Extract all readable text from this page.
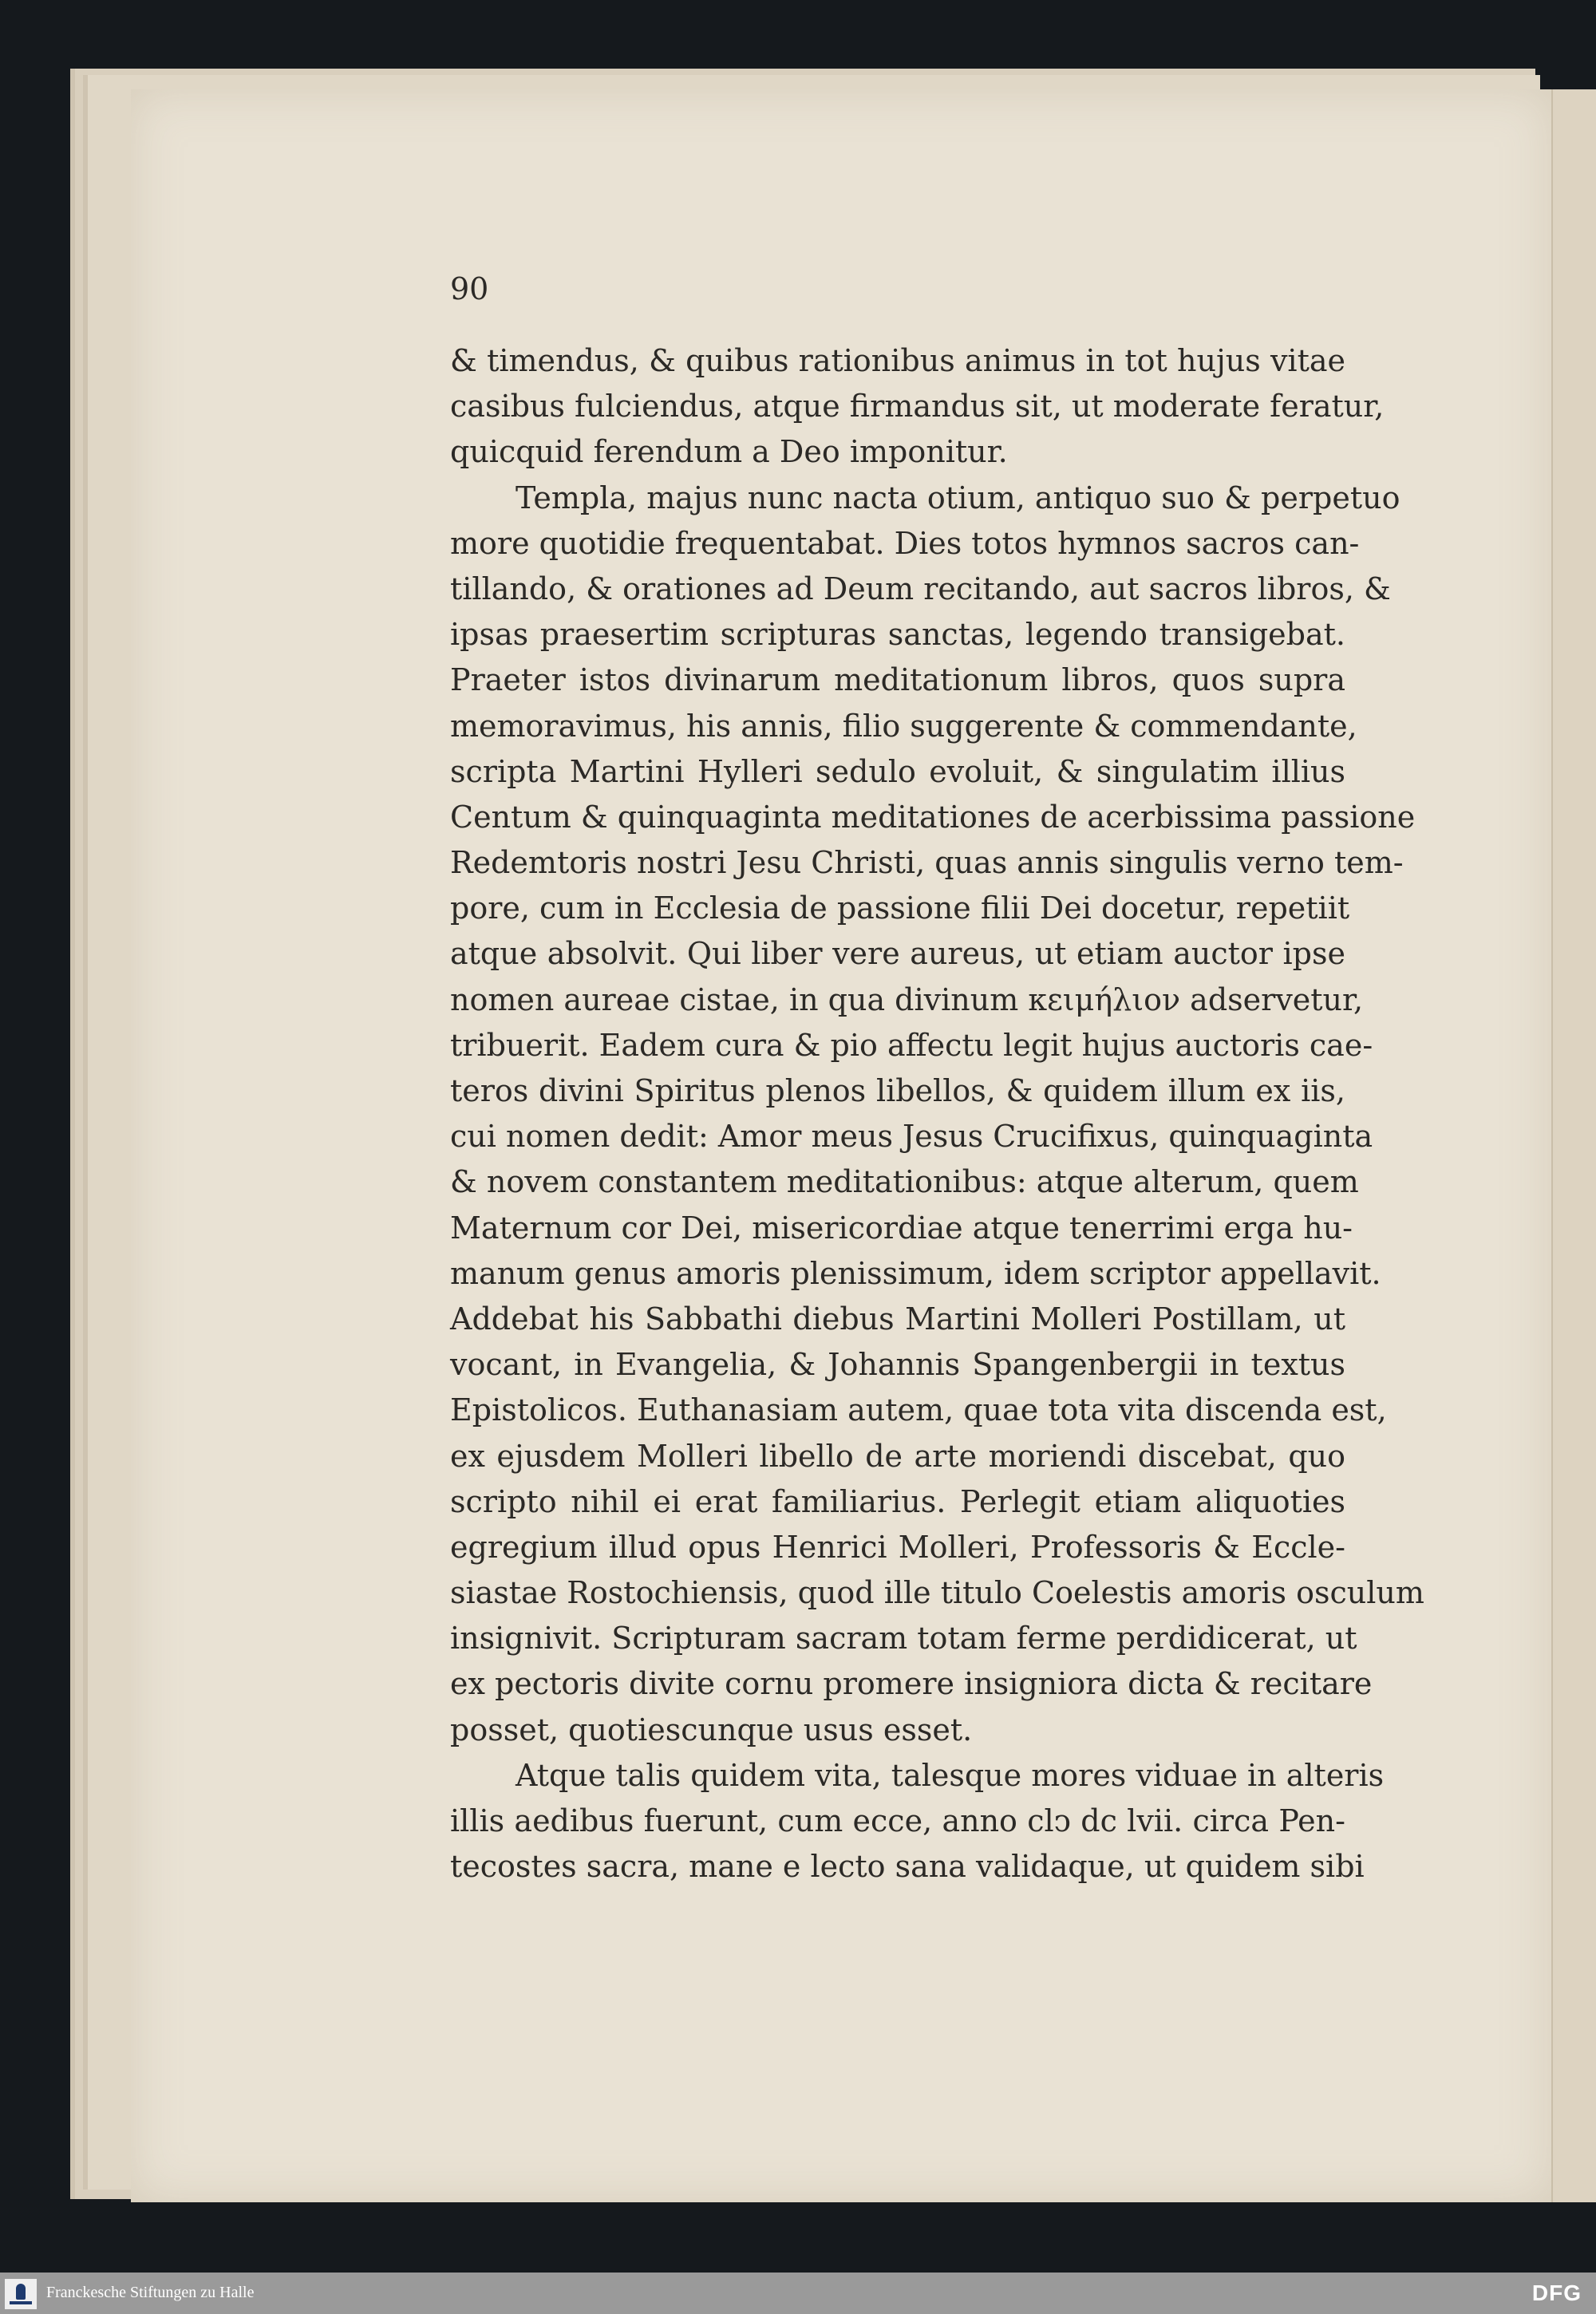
90
& timendus, & quibus rationibus animus in tot hujus vitae
casibus fulciendus, atque firmandus sit, ut moderate feratur,
quicquid ferendum a Deo imponitur.
Templa, majus nunc nacta otium, antiquo suo & perpetuo
more quotidie frequentabat. Dies totos hymnos sacros can-
tillando, & orationes ad Deum recitando, aut sacros libros, &
ipsas praesertim scripturas sanctas, legendo transigebat.
Praeter istos divinarum meditationum libros, quos supra
memoravimus, his annis, filio suggerente & commendante,
scripta Martini Hylleri sedulo evoluit, & singulatim illius
Centum & quinquaginta meditationes de acerbissima passione
Redemtoris nostri Jesu Christi, quas annis singulis verno tem-
pore, cum in Ecclesia de passione filii Dei docetur, repetiit
atque absolvit. Qui liber vere aureus, ut etiam auctor ipse
nomen aureae cistae, in qua divinum κειμήλιον adservetur,
tribuerit. Eadem cura & pio affectu legit hujus auctoris cae-
teros divini Spiritus plenos libellos, & quidem illum ex iis,
cui nomen dedit: Amor meus Jesus Crucifixus, quinquaginta
& novem constantem meditationibus: atque alterum, quem
Maternum cor Dei, misericordiae atque tenerrimi erga hu-
manum genus amoris plenissimum, idem scriptor appellavit.
Addebat his Sabbathi diebus Martini Molleri Postillam, ut
vocant, in Evangelia, & Johannis Spangenbergii in textus
Epistolicos. Euthanasiam autem, quae tota vita discenda est,
ex ejusdem Molleri libello de arte moriendi discebat, quo
scripto nihil ei erat familiarius. Perlegit etiam aliquoties
egregium illud opus Henrici Molleri, Professoris & Eccle-
siastae Rostochiensis, quod ille titulo Coelestis amoris osculum
insignivit. Scripturam sacram totam ferme perdidicerat, ut
ex pectoris divite cornu promere insigniora dicta & recitare
posset, quotiescunque usus esset.
Atque talis quidem vita, talesque mores viduae in alteris
illis aedibus fuerunt, cum ecce, anno clↄ dc lvii. circa Pen-
tecostes sacra, mane e lecto sana validaque, ut quidem sibi
Franckesche Stiftungen zu Halle	DFG
